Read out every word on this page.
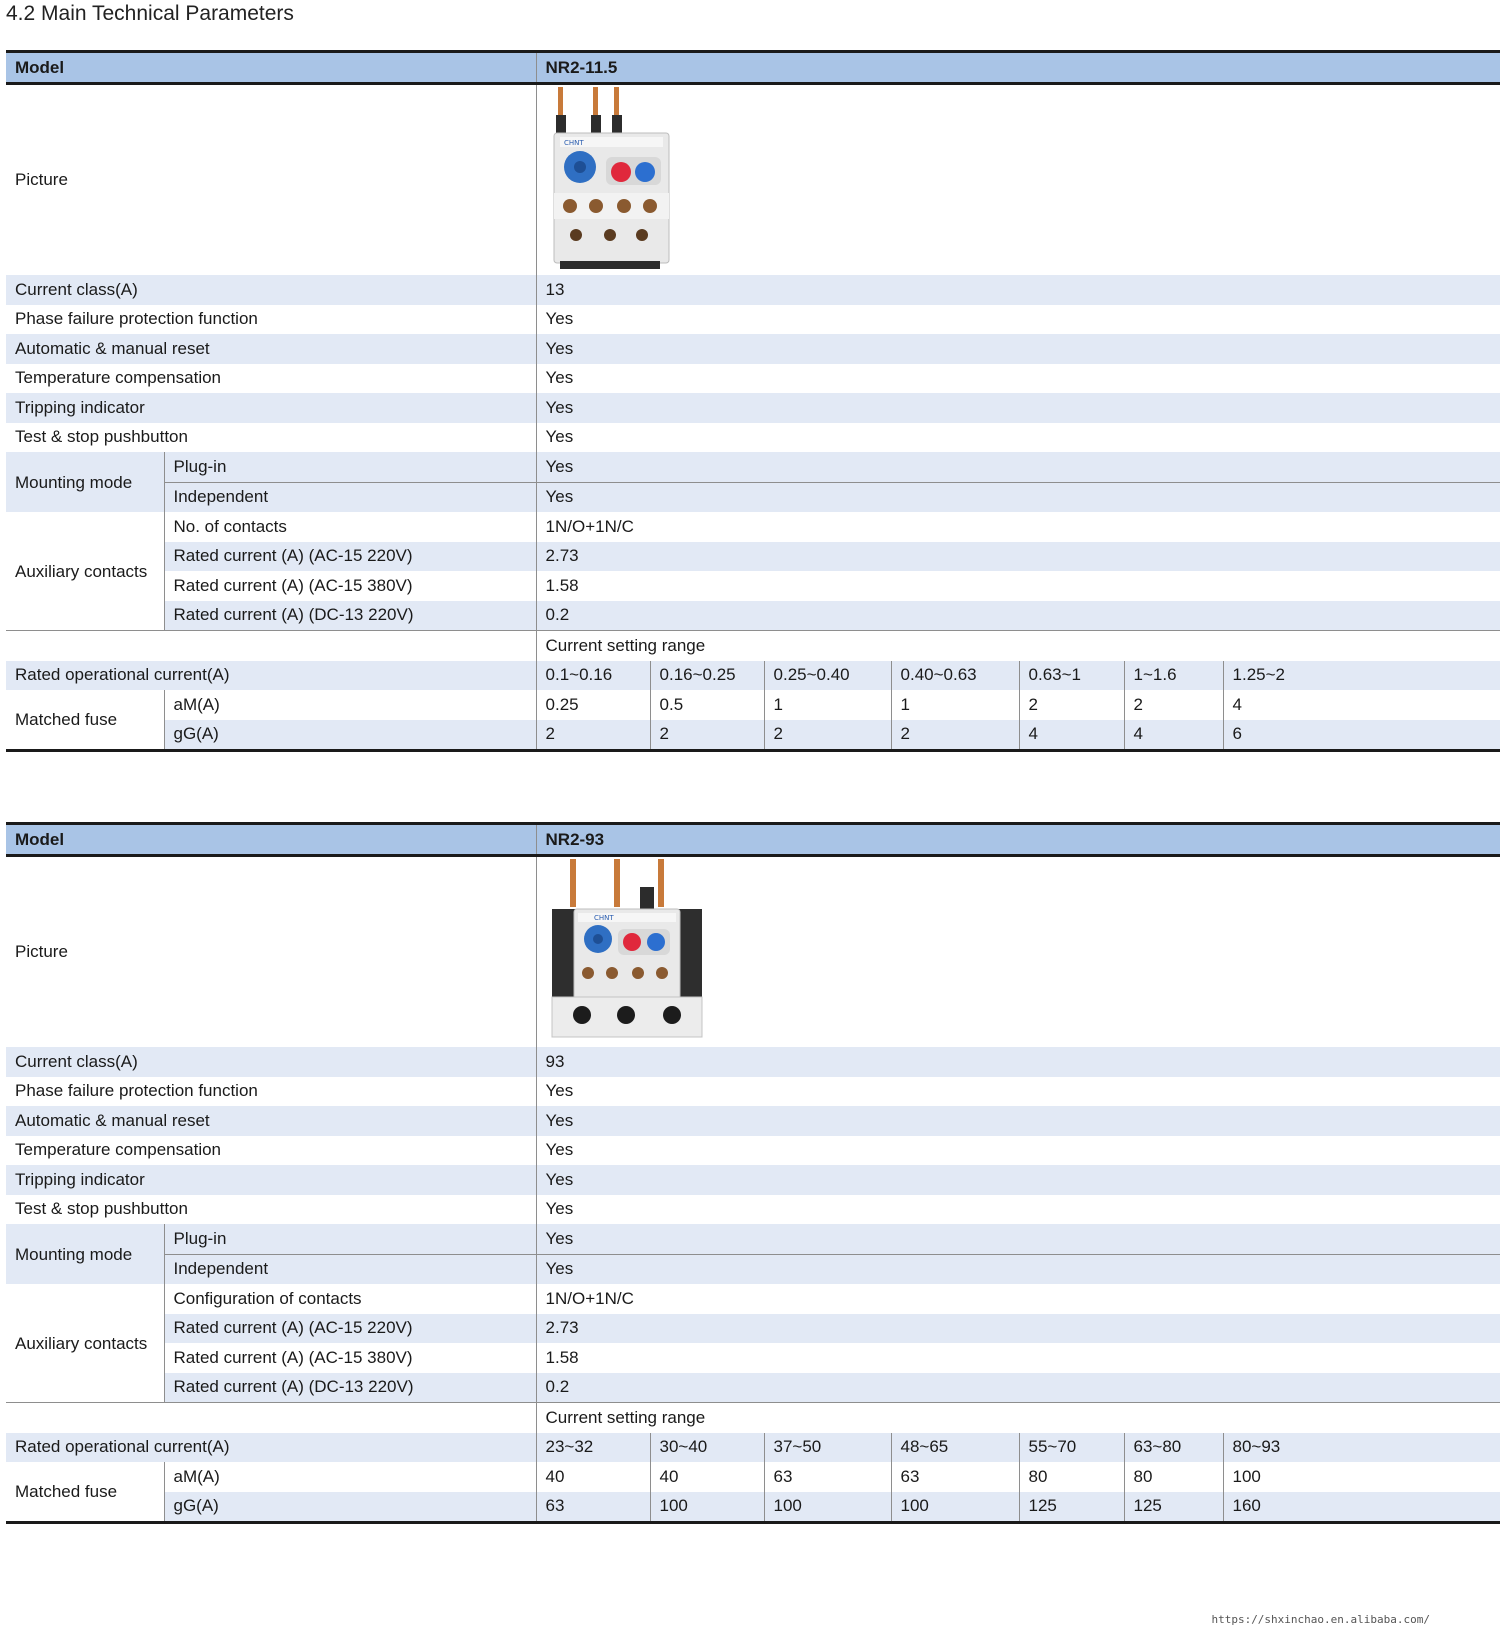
4.2 Main Technical Parameters
Model		NR2-11.5						
Picture		CHNT						

Current class(A)		13						
Phase failure protection function		Yes						
Automatic & manual reset		Yes						
Temperature compensation		Yes						
Tripping indicator		Yes						
Test & stop pushbutton		Yes						
Mounting mode	Plug-in	Yes						
	Independent	Yes						
Auxiliary contacts	No. of contacts	1N/O+1N/C						
	Rated current (A) (AC-15 220V)	2.73						
	Rated current (A) (AC-15 380V)	1.58						
	Rated current (A) (DC-13 220V)	0.2						
		Current setting range						
Rated operational current(A)		0.1~0.16	0.16~0.25	0.25~0.40	0.40~0.63	0.63~1	1~1.6	1.25~2
Matched fuse	aM(A)	0.25	0.5	1	1	2	2	4
	gG(A)	2	2	2	2	4	4	6
Model		NR2-93						
Picture		CHNT						

Current class(A)		93						
Phase failure protection function		Yes						
Automatic & manual reset		Yes						
Temperature compensation		Yes						
Tripping indicator		Yes						
Test & stop pushbutton		Yes						
Mounting mode	Plug-in	Yes						
	Independent	Yes						
Auxiliary contacts	Configuration of contacts	1N/O+1N/C						
	Rated current (A) (AC-15 220V)	2.73						
	Rated current (A) (AC-15 380V)	1.58						
	Rated current (A) (DC-13 220V)	0.2						
		Current setting range						
Rated operational current(A)		23~32	30~40	37~50	48~65	55~70	63~80	80~93
Matched fuse	aM(A)	40	40	63	63	80	80	100
	gG(A)	63	100	100	100	125	125	160
https://shxinchao.en.alibaba.com/
